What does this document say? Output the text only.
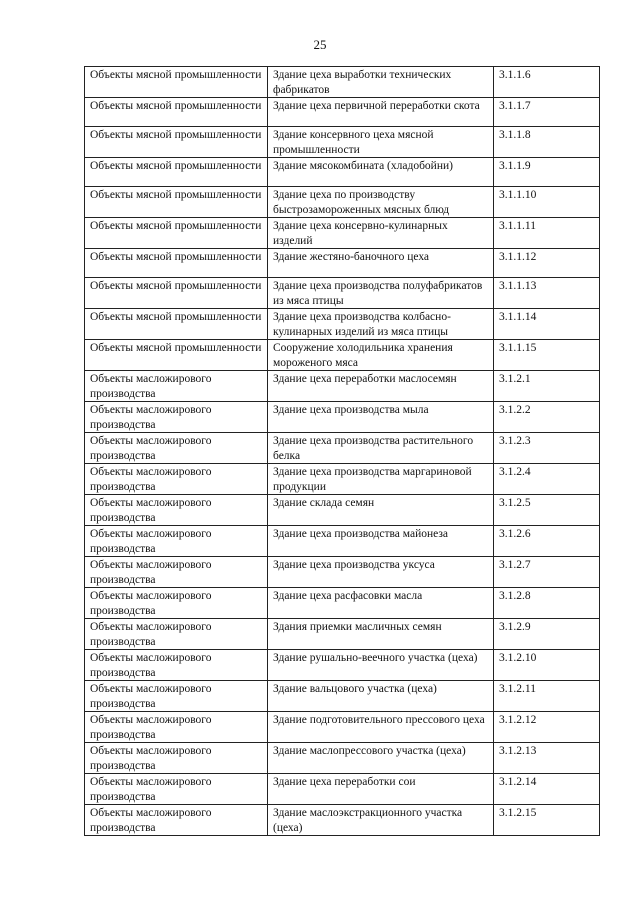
25
Объекты мясной промышленности	Здание цеха выработки технических фабрикатов	3.1.1.6
Объекты мясной промышленности	Здание цеха первичной переработки скота	3.1.1.7
Объекты мясной промышленности	Здание консервного цеха мясной промышленности	3.1.1.8
Объекты мясной промышленности	Здание мясокомбината (хладобойни)	3.1.1.9
Объекты мясной промышленности	Здание цеха по производству быстрозамороженных мясных блюд	3.1.1.10
Объекты мясной промышленности	Здание цеха консервно-кулинарных изделий	3.1.1.11
Объекты мясной промышленности	Здание жестяно-баночного цеха	3.1.1.12
Объекты мясной промышленности	Здание цеха производства полуфабрикатов из мяса птицы	3.1.1.13
Объекты мясной промышленности	Здание цеха производства колбасно-кулинарных изделий из мяса птицы	3.1.1.14
Объекты мясной промышленности	Сооружение холодильника хранения мороженого мяса	3.1.1.15
Объекты масложирового производства	Здание цеха переработки маслосемян	3.1.2.1
Объекты масложирового производства	Здание цеха производства мыла	3.1.2.2
Объекты масложирового производства	Здание цеха производства растительного белка	3.1.2.3
Объекты масложирового производства	Здание цеха производства маргариновой продукции	3.1.2.4
Объекты масложирового производства	Здание склада семян	3.1.2.5
Объекты масложирового производства	Здание цеха производства майонеза	3.1.2.6
Объекты масложирового производства	Здание цеха производства уксуса	3.1.2.7
Объекты масложирового производства	Здание цеха расфасовки масла	3.1.2.8
Объекты масложирового производства	Здания приемки масличных семян	3.1.2.9
Объекты масложирового производства	Здание рушально-веечного участка (цеха)	3.1.2.10
Объекты масложирового производства	Здание вальцового участка (цеха)	3.1.2.11
Объекты масложирового производства	Здание подготовительного прессового цеха	3.1.2.12
Объекты масложирового производства	Здание маслопрессового участка (цеха)	3.1.2.13
Объекты масложирового производства	Здание цеха переработки сои	3.1.2.14
Объекты масложирового производства	Здание маслоэкстракционного участка (цеха)	3.1.2.15
